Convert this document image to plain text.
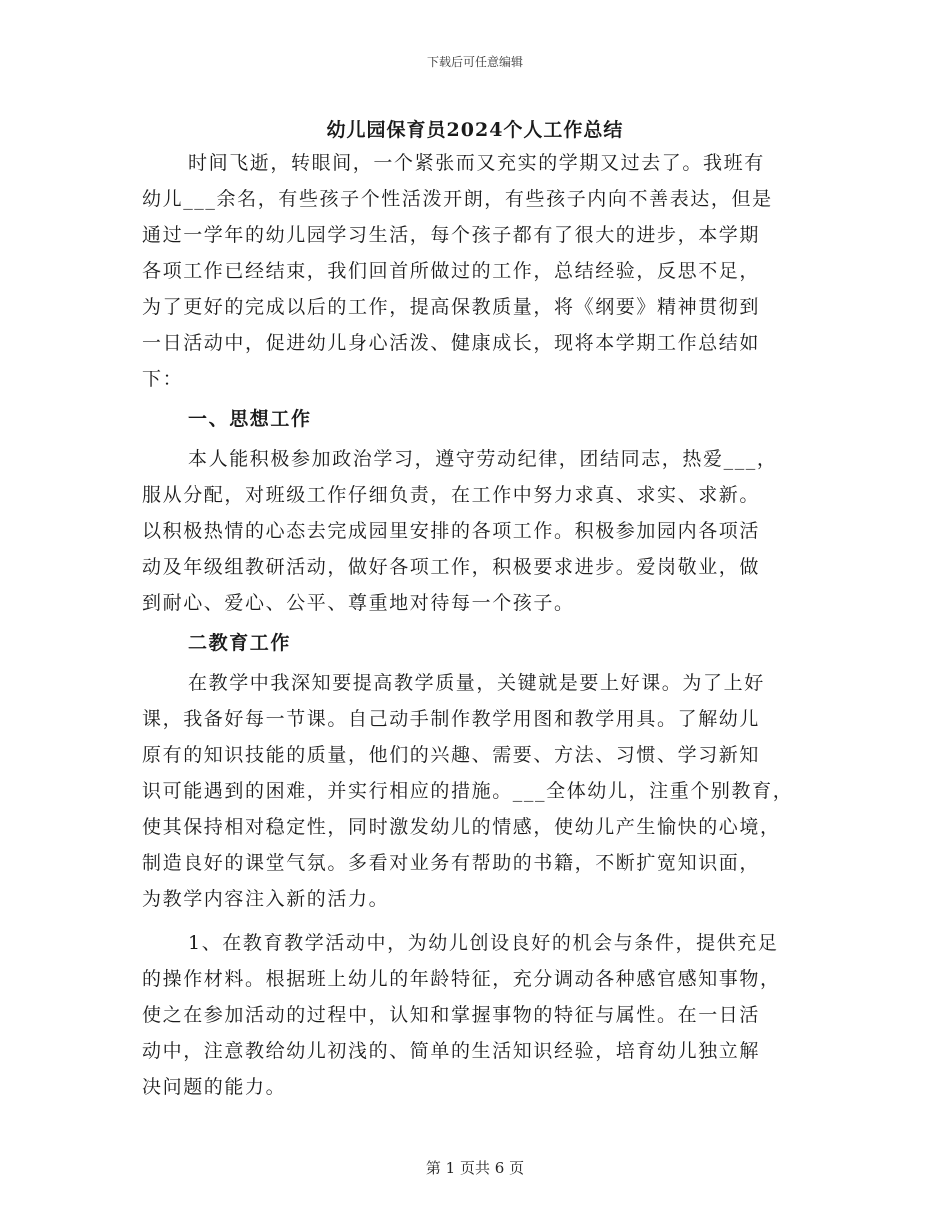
下载后可任意编辑
幼儿园保育员2024个人工作总结
时间飞逝，转眼间，一个紧张而又充实的学期又过去了。我班有
幼儿___余名，有些孩子个性活泼开朗，有些孩子内向不善表达，但是
通过一学年的幼儿园学习生活，每个孩子都有了很大的进步，本学期
各项工作已经结束，我们回首所做过的工作，总结经验，反思不足，
为了更好的完成以后的工作，提高保教质量，将《纲要》精神贯彻到
一日活动中，促进幼儿身心活泼、健康成长，现将本学期工作总结如
下：
一、思想工作
本人能积极参加政治学习，遵守劳动纪律，团结同志，热爱___，
服从分配，对班级工作仔细负责，在工作中努力求真、求实、求新。
以积极热情的心态去完成园里安排的各项工作。积极参加园内各项活
动及年级组教研活动，做好各项工作，积极要求进步。爱岗敬业，做
到耐心、爱心、公平、尊重地对待每一个孩子。
二教育工作
在教学中我深知要提高教学质量，关键就是要上好课。为了上好
课，我备好每一节课。自己动手制作教学用图和教学用具。了解幼儿
原有的知识技能的质量，他们的兴趣、需要、方法、习惯、学习新知
识可能遇到的困难，并实行相应的措施。___全体幼儿，注重个别教育，
使其保持相对稳定性，同时激发幼儿的情感，使幼儿产生愉快的心境，
制造良好的课堂气氛。多看对业务有帮助的书籍，不断扩宽知识面，
为教学内容注入新的活力。
1、在教育教学活动中，为幼儿创设良好的机会与条件，提供充足
的操作材料。根据班上幼儿的年龄特征，充分调动各种感官感知事物，
使之在参加活动的过程中，认知和掌握事物的特征与属性。在一日活
动中，注意教给幼儿初浅的、简单的生活知识经验，培育幼儿独立解
决问题的能力。
第 1 页共 6 页
